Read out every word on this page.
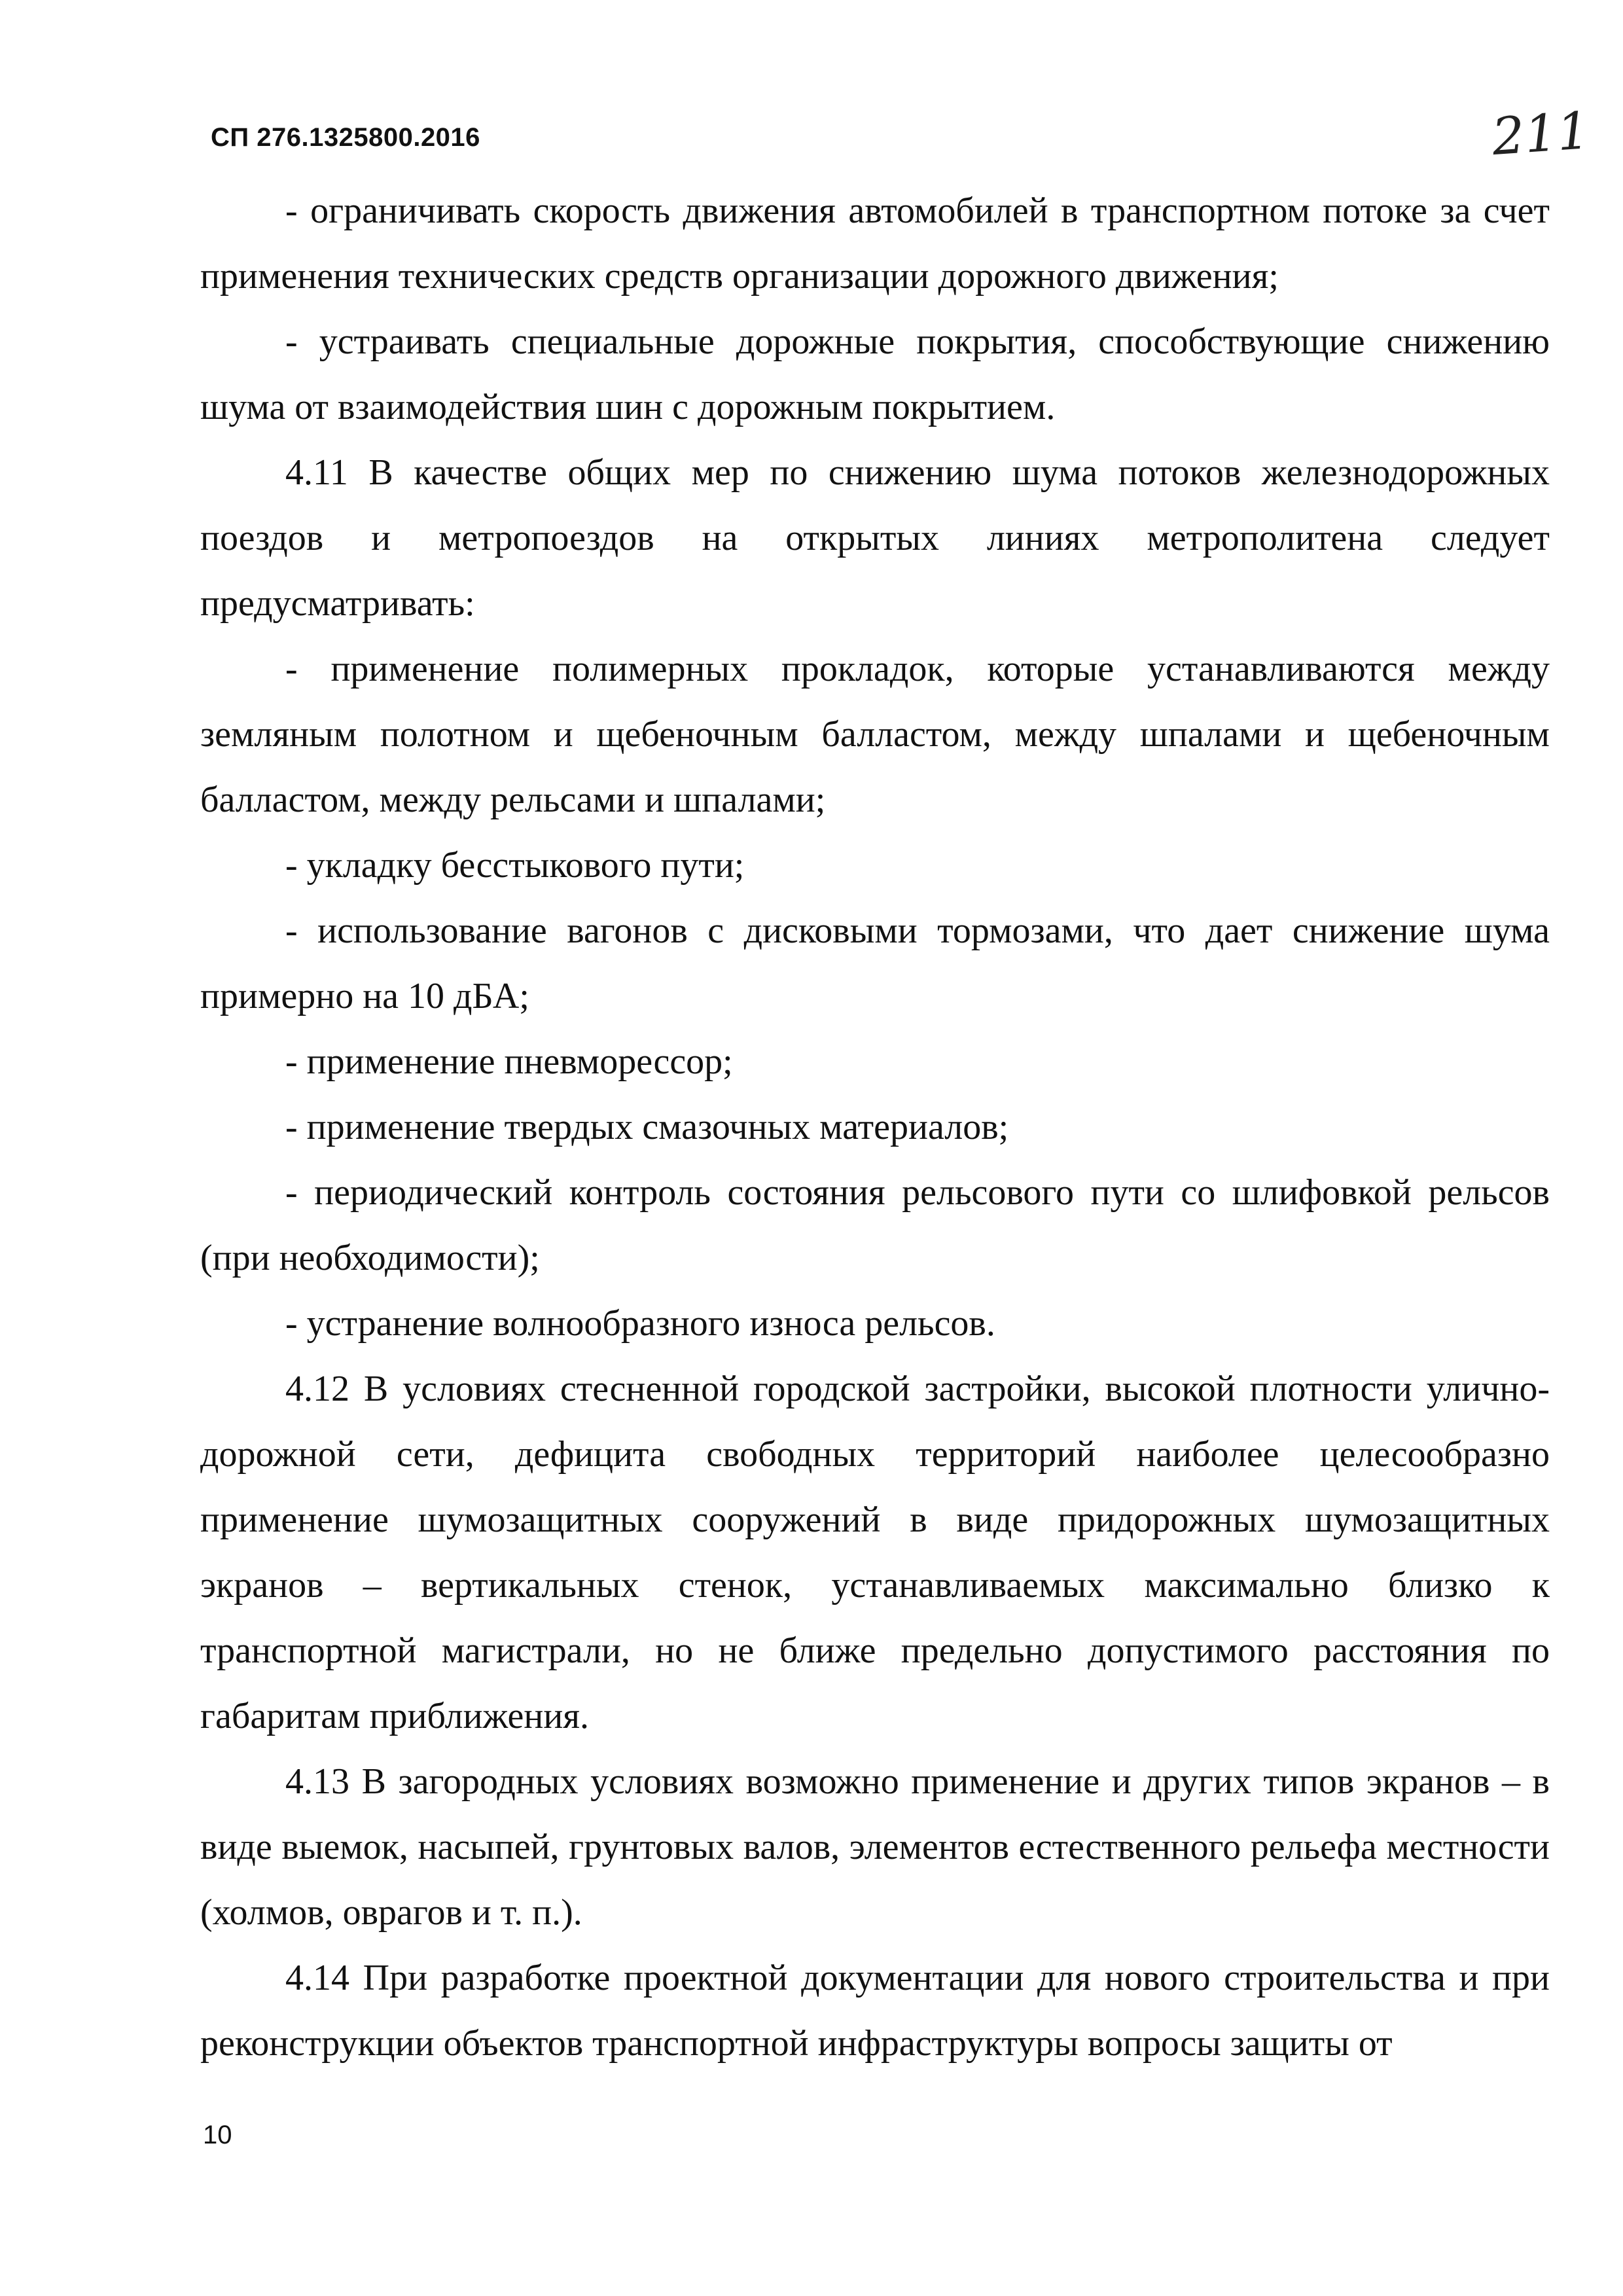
СП 276.1325800.2016	211

- ограничивать скорость движения автомобилей в транспортном потоке за счет применения технических средств организации дорожного движения;

- устраивать специальные дорожные покрытия, способствующие снижению шума от взаимодействия шин с дорожным покрытием.

4.11 В качестве общих мер по снижению шума потоков железнодорожных поездов и метропоездов на открытых линиях метрополитена следует предусматривать:

- применение полимерных прокладок, которые устанавливаются между земляным полотном и щебеночным балластом, между шпалами и щебеночным балластом, между рельсами и шпалами;

- укладку бесстыкового пути;

- использование вагонов с дисковыми тормозами, что дает снижение шума примерно на 10 дБА;

- применение пневморессор;

- применение твердых смазочных материалов;

- периодический контроль состояния рельсового пути со шлифовкой рельсов (при необходимости);

- устранение волнообразного износа рельсов.

4.12 В условиях стесненной городской застройки, высокой плотности улично-дорожной сети, дефицита свободных территорий наиболее целесообразно применение шумозащитных сооружений в виде придорожных шумозащитных экранов – вертикальных стенок, устанавливаемых максимально близко к транспортной магистрали, но не ближе предельно допустимого расстояния по габаритам приближения.

4.13 В загородных условиях возможно применение и других типов экранов – в виде выемок, насыпей, грунтовых валов, элементов естественного рельефа местности (холмов, оврагов и т. п.).

4.14 При разработке проектной документации для нового строительства и при реконструкции объектов транспортной инфраструктуры вопросы защиты от

10
